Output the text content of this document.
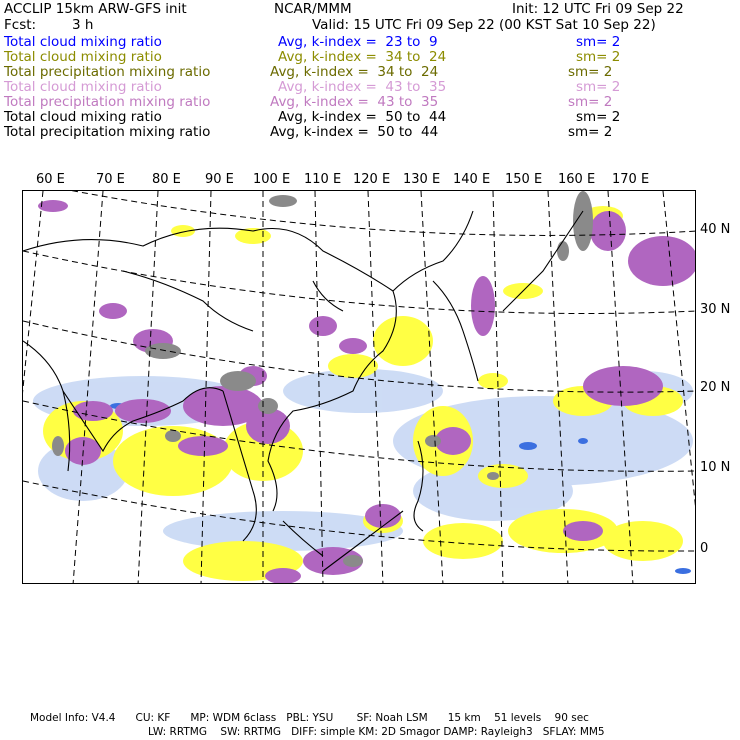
ACCLIP 15km ARW-GFS init	NCAR/MMM	Init: 12 UTC Fri 09 Sep 22
Fcst:	3 h	Valid: 15 UTC Fri 09 Sep 22 (00 KST Sat 10 Sep 22)
Total cloud mixing ratio	Avg, k-index =  23 to  9	sm= 2
Total cloud mixing ratio	Avg, k-index =  34 to  24	sm= 2
Total precipitation mixing ratio	Avg, k-index =  34 to  24	sm= 2
Total cloud mixing ratio	Avg, k-index =  43 to  35	sm= 2
Total precipitation mixing ratio	Avg, k-index =  43 to  35	sm= 2
Total cloud mixing ratio	Avg, k-index =  50 to  44	sm= 2
Total precipitation mixing ratio	Avg, k-index =  50 to  44	sm= 2
60 E 70 E 80 E 90 E 100 E 110 E 120 E 130 E 140 E 150 E 160 E 170 E
40 N
30 N
20 N
10 N
0
Model Info: V4.4      CU: KF      MP: WDM 6class   PBL: YSU       SF: Noah LSM      15 km    51 levels    90 sec
LW: RRTMG    SW: RRTMG   DIFF: simple KM: 2D Smagor DAMP: Rayleigh3   SFLAY: MM5
